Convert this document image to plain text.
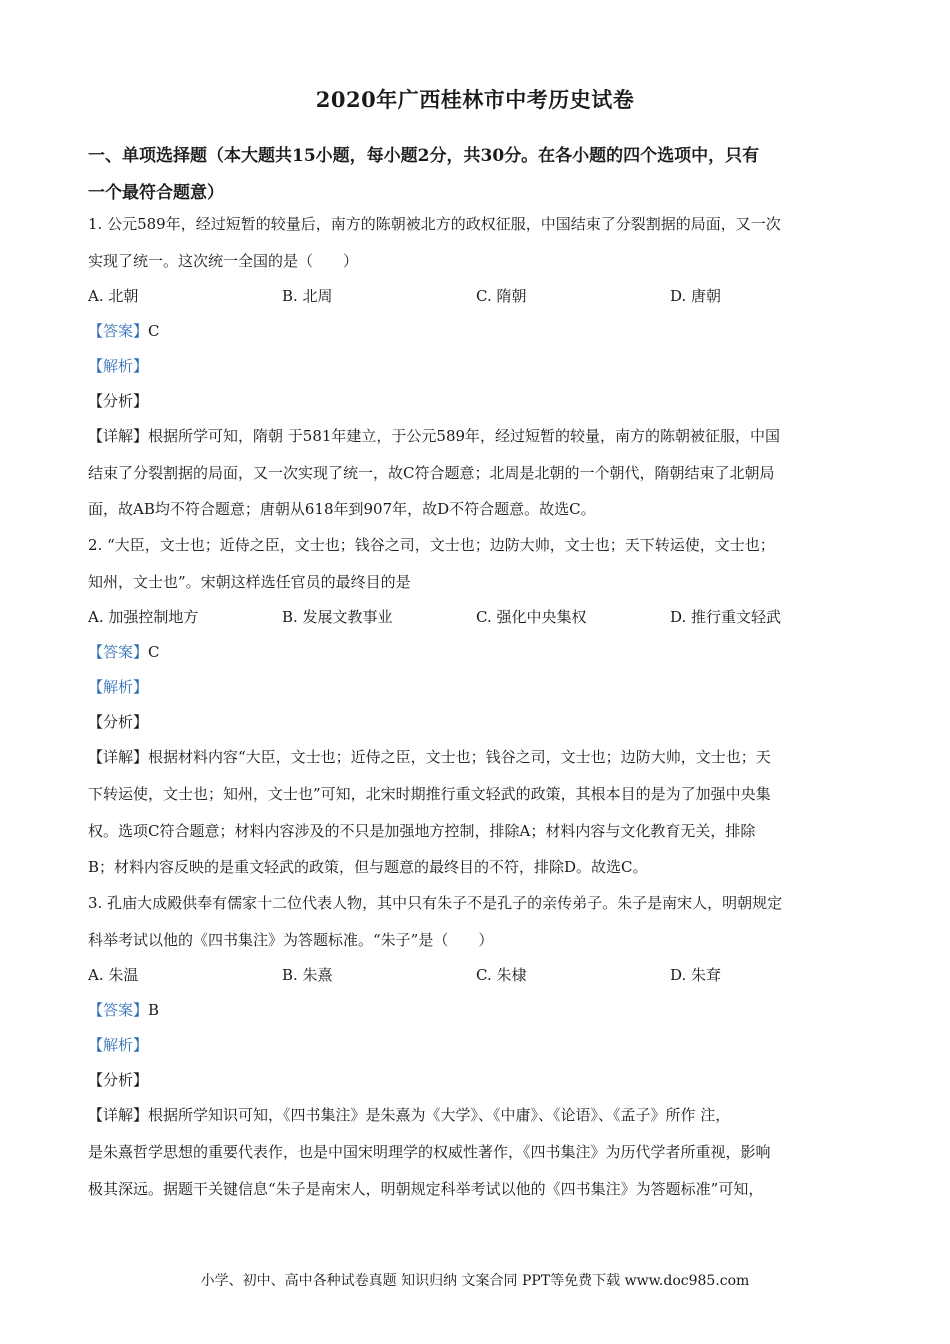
2020年广西桂林市中考历史试卷
一、单项选择题（本大题共15小题，每小题2分，共30分。在各小题的四个选项中，只有
一个最符合题意）
1. 公元589年，经过短暂的较量后，南方的陈朝被北方的政权征服，中国结束了分裂割据的局面，又一次
实现了统一。这次统一全国的是（　　）
A. 北朝	B. 北周	C. 隋朝	D. 唐朝
【答案】C
【解析】
【分析】
【详解】根据所学可知，隋朝 于581年建立，于公元589年，经过短暂的较量，南方的陈朝被征服，中国
结束了分裂割据的局面，又一次实现了统一，故C符合题意；北周是北朝的一个朝代，隋朝结束了北朝局
面，故AB均不符合题意；唐朝从618年到907年，故D不符合题意。故选C。
2. “大臣，文士也；近侍之臣，文士也；钱谷之司，文士也；边防大帅，文士也；天下转运使，文士也；
知州，文士也”。宋朝这样选任官员的最终目的是
A. 加强控制地方	B. 发展文教事业	C. 强化中央集权	D. 推行重文轻武
【答案】C
【解析】
【分析】
【详解】根据材料内容“大臣，文士也；近侍之臣，文士也；钱谷之司，文士也；边防大帅，文士也；天
下转运使，文士也；知州，文士也”可知，北宋时期推行重文轻武的政策，其根本目的是为了加强中央集
权。选项C符合题意；材料内容涉及的不只是加强地方控制，排除A；材料内容与文化教育无关，排除
B；材料内容反映的是重文轻武的政策，但与题意的最终目的不符，排除D。故选C。
3. 孔庙大成殿供奉有儒家十二位代表人物，其中只有朱子不是孔子的亲传弟子。朱子是南宋人，明朝规定
科举考试以他的《四书集注》为答题标准。“朱子”是（　　）
A. 朱温	B. 朱熹	C. 朱棣	D. 朱耷
【答案】B
【解析】
【分析】
【详解】根据所学知识可知，《四书集注》是朱熹为《大学》、《中庸》、《论语》、《孟子》所作 注，
是朱熹哲学思想的重要代表作，也是中国宋明理学的权威性著作，《四书集注》为历代学者所重视，影响
极其深远。据题干关键信息“朱子是南宋人，明朝规定科举考试以他的《四书集注》为答题标准”可知，
小学、初中、高中各种试卷真题 知识归纳 文案合同 PPT等免费下载 www.doc985.com
